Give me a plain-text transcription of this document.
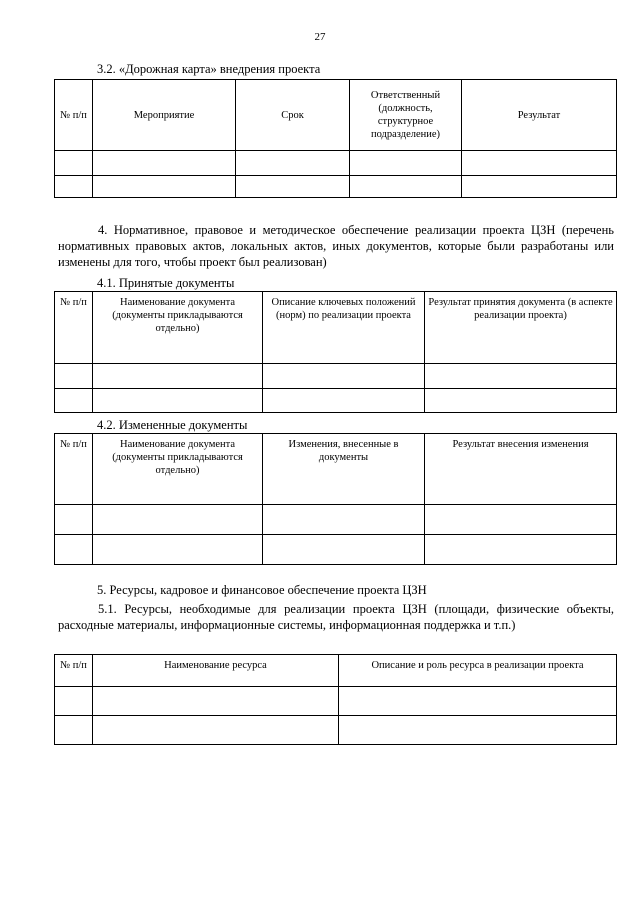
27
3.2. «Дорожная карта» внедрения проекта
№ п/п	Мероприятие	Срок	Ответственный (должность, структурное подразделение)	Результат

4. Нормативное, правовое и методическое обеспечение реализации проекта ЦЗН (перечень нормативных правовых актов, локальных актов, иных документов, которые были разработаны или изменены для того, чтобы проект был реализован)
4.1. Принятые документы
№ п/п	Наименование документа (документы прикладываются отдельно)	Описание ключевых положений (норм) по реализации проекта	Результат принятия документа (в аспекте реализации проекта)

4.2. Измененные документы
№ п/п	Наименование документа (документы прикладываются отдельно)	Изменения, внесенные в документы	Результат внесения изменения

5. Ресурсы, кадровое и финансовое обеспечение проекта ЦЗН
5.1. Ресурсы, необходимые для реализации проекта ЦЗН (площади, физические объекты, расходные материалы, информационные системы, информационная поддержка и т.п.)
№ п/п	Наименование ресурса	Описание и роль ресурса в реализации проекта
